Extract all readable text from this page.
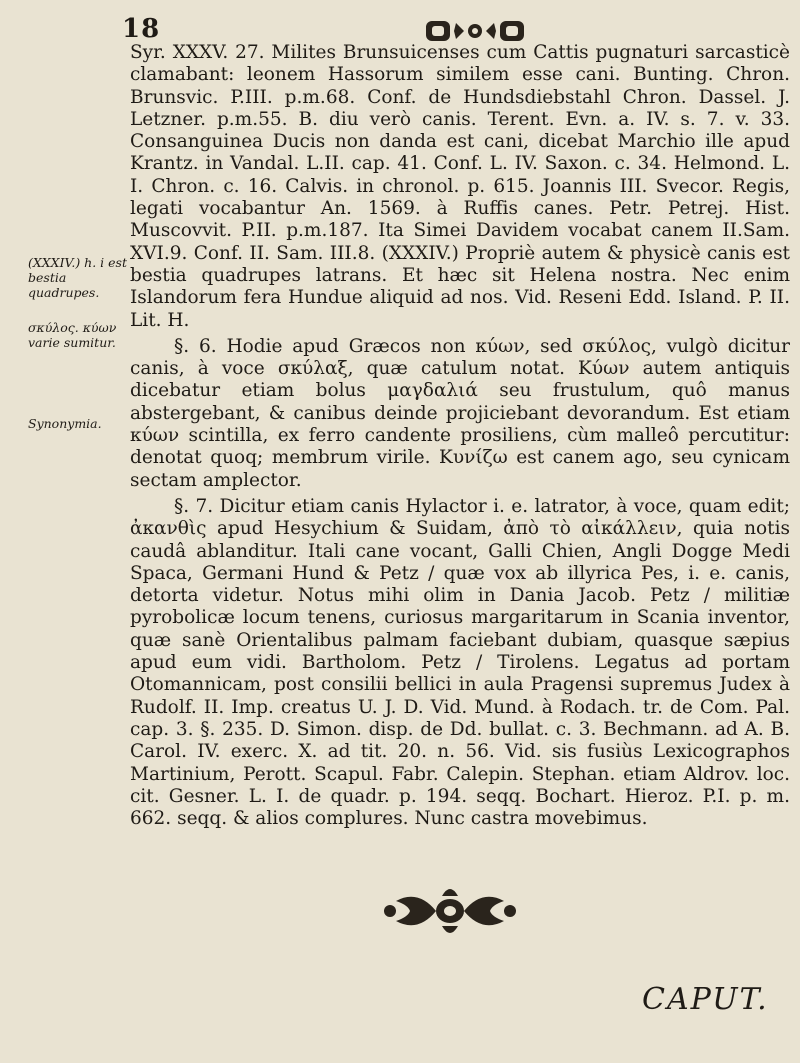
18
(XXXIV.) h. i est bestia quadrupes.
σκύλος. κύων varie sumitur.
Synonymia.

Syr. XXXV. 27. Milites Brunsuicenses cum Cattis pugnaturi sarcasticè clamabant: leonem Hassorum similem esse cani. Bunting. Chron. Brunsvic. P.III. p.m.68. Conf. de Hundsdiebstahl Chron. Dassel. J. Letzner. p.m.55. B. diu verò canis. Terent. Evn. a. IV. s. 7. v. 33. Consanguinea Ducis non danda est cani, dicebat Marchio ille apud Krantz. in Vandal. L.II. cap. 41. Conf. L. IV. Saxon. c. 34. Helmond. L. I. Chron. c. 16. Calvis. in chronol. p. 615. Joannis III. Svecor. Regis, legati vocabantur An. 1569. à Ruffis canes. Petr. Petrej. Hist. Muscovvit. P.II. p.m.187. Ita Simei Davidem vocabat canem II.Sam. XVI.9. Conf. II. Sam. III.8. (XXXIV.) Propriè autem & physicè canis est bestia quadrupes latrans. Et hæc sit Helena nostra. Nec enim Islandorum fera Hundue aliquid ad nos. Vid. Reseni Edd. Island. P. II. Lit. H.

§. 6. Hodie apud Græcos non κύων, sed σκύλος, vulgò dicitur canis, à voce σκύλαξ, quæ catulum notat. Κύων autem antiquis dicebatur etiam bolus μαγδαλιά seu frustulum, quô manus abstergebant, & canibus deinde projiciebant devorandum. Est etiam κύων scintilla, ex ferro candente prosiliens, cùm malleô percutitur: denotat quoq; membrum virile. Κυνίζω est canem ago, seu cynicam sectam amplector.

§. 7. Dicitur etiam canis Hylactor i. e. latrator, à voce, quam edit; ἀκανθὶς apud Hesychium & Suidam, ἀπὸ τὸ αἰκάλλειν, quia notis caudâ ablanditur. Itali cane vocant, Galli Chien, Angli Dogge Medi Spaca, Germani Hund & Petz / quæ vox ab illyrica Pes, i. e. canis, detorta videtur. Notus mihi olim in Dania Jacob. Petz / militiæ pyrobolicæ locum tenens, curiosus margaritarum in Scania inventor, quæ sanè Orientalibus palmam faciebant dubiam, quasque sæpius apud eum vidi. Bartholom. Petz / Tirolens. Legatus ad portam Otomannicam, post consilii bellici in aula Pragensi supremus Judex à Rudolf. II. Imp. creatus U. J. D. Vid. Mund. à Rodach. tr. de Com. Pal. cap. 3. §. 235. D. Simon. disp. de Dd. bullat. c. 3. Bechmann. ad A. B. Carol. IV. exerc. X. ad tit. 20. n. 56. Vid. sis fusiùs Lexicographos Martinium, Perott. Scapul. Fabr. Calepin. Stephan. etiam Aldrov. loc. cit. Gesner. L. I. de quadr. p. 194. seqq. Bochart. Hieroz. P.I. p. m. 662. seqq. & alios complures. Nunc castra movebimus.

CAPUT.
